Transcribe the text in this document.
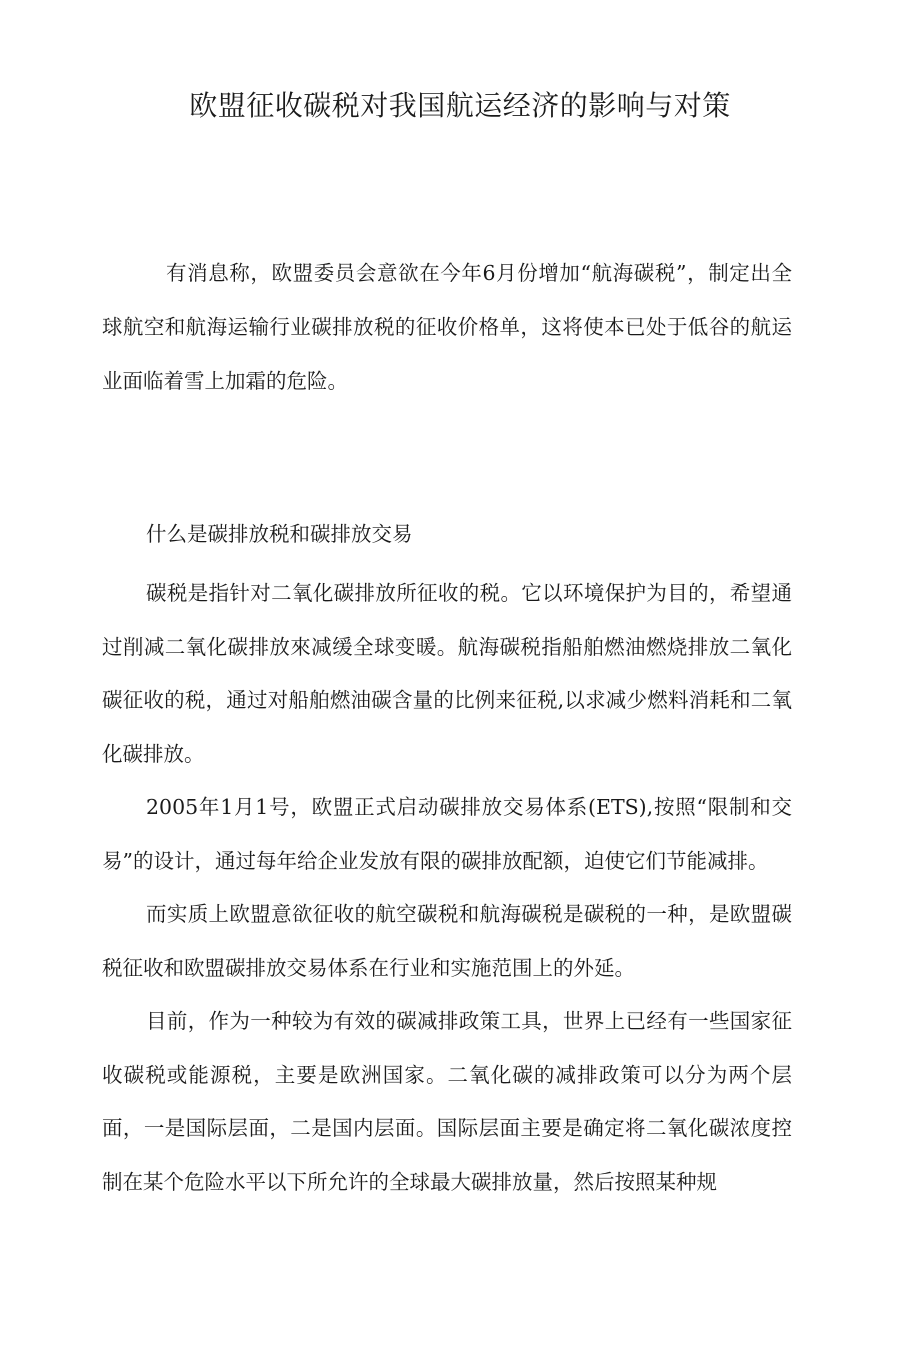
欧盟征收碳税对我国航运经济的影响与对策

有消息称，欧盟委员会意欲在今年6月份增加“航海碳税”，制定出全球航空和航海运输行业碳排放税的征收价格单，这将使本已处于低谷的航运业面临着雪上加霜的危险。

什么是碳排放税和碳排放交易

碳税是指针对二氧化碳排放所征收的税。它以环境保护为目的，希望通过削减二氧化碳排放來减缓全球变暖。航海碳税指船舶燃油燃烧排放二氧化碳征收的税，通过对船舶燃油碳含量的比例来征税,以求减少燃料消耗和二氧化碳排放。

2005年1月1号，欧盟正式启动碳排放交易体系(ETS),按照“限制和交易”的设计，通过每年给企业发放有限的碳排放配额，迫使它们节能减排。

而实质上欧盟意欲征收的航空碳税和航海碳税是碳税的一种，是欧盟碳税征收和欧盟碳排放交易体系在行业和实施范围上的外延。

目前，作为一种较为有效的碳减排政策工具，世界上已经有一些国家征收碳税或能源税，主要是欧洲国家。二氧化碳的减排政策可以分为两个层面，一是国际层面，二是国内层面。国际层面主要是确定将二氧化碳浓度控制在某个危险水平以下所允许的全球最大碳排放量，然后按照某种规
